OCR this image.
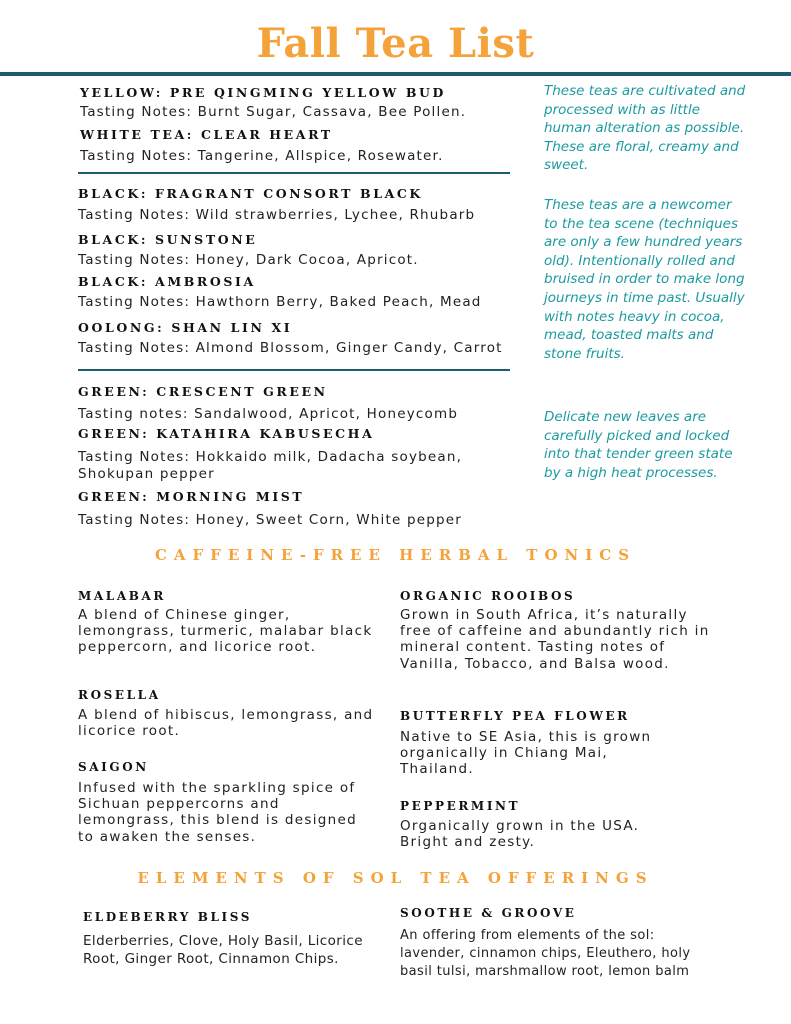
Fall Tea List
YELLOW: PRE QINGMING YELLOW BUD
Tasting Notes: Burnt Sugar, Cassava, Bee Pollen.
WHITE TEA: CLEAR HEART
Tasting Notes: Tangerine, Allspice, Rosewater.
These teas are cultivated and processed with as little human alteration as possible. These are floral, creamy and sweet.
BLACK: FRAGRANT CONSORT BLACK
Tasting Notes: Wild strawberries, Lychee, Rhubarb
BLACK: SUNSTONE
Tasting Notes: Honey, Dark Cocoa, Apricot.
BLACK: AMBROSIA
Tasting Notes: Hawthorn Berry, Baked Peach, Mead
OOLONG: SHAN LIN XI
Tasting Notes: Almond Blossom, Ginger Candy, Carrot
These teas are a newcomer to the tea scene (techniques are only a few hundred years old). Intentionally rolled and bruised in order to make long journeys in time past. Usually with notes heavy in cocoa, mead, toasted malts and stone fruits.
GREEN: CRESCENT GREEN
Tasting notes: Sandalwood, Apricot, Honeycomb
GREEN: KATAHIRA KABUSECHA
Tasting Notes: Hokkaido milk, Dadacha soybean, Shokupan pepper
GREEN: MORNING MIST
Tasting Notes: Honey, Sweet Corn, White pepper
Delicate new leaves are carefully picked and locked into that tender green state by a high heat processes.
CAFFEINE-FREE HERBAL TONICS
MALABAR
A blend of Chinese ginger, lemongrass, turmeric, malabar black peppercorn, and licorice root.
ROSELLA
A blend of hibiscus, lemongrass, and licorice root.
SAIGON
Infused with the sparkling spice of Sichuan peppercorns and lemongrass, this blend is designed to awaken the senses.
ORGANIC ROOIBOS
Grown in South Africa, it’s naturally free of caffeine and abundantly rich in mineral content. Tasting notes of Vanilla, Tobacco, and Balsa wood.
BUTTERFLY PEA FLOWER
Native to SE Asia, this is grown organically in Chiang Mai, Thailand.
PEPPERMINT
Organically grown in the USA. Bright and zesty.
ELEMENTS OF SOL TEA OFFERINGS
ELDEBERRY BLISS
Elderberries, Clove, Holy Basil, Licorice Root, Ginger Root, Cinnamon Chips.
SOOTHE & GROOVE
An offering from elements of the sol: lavender, cinnamon chips, Eleuthero, holy basil tulsi, marshmallow root, lemon balm
